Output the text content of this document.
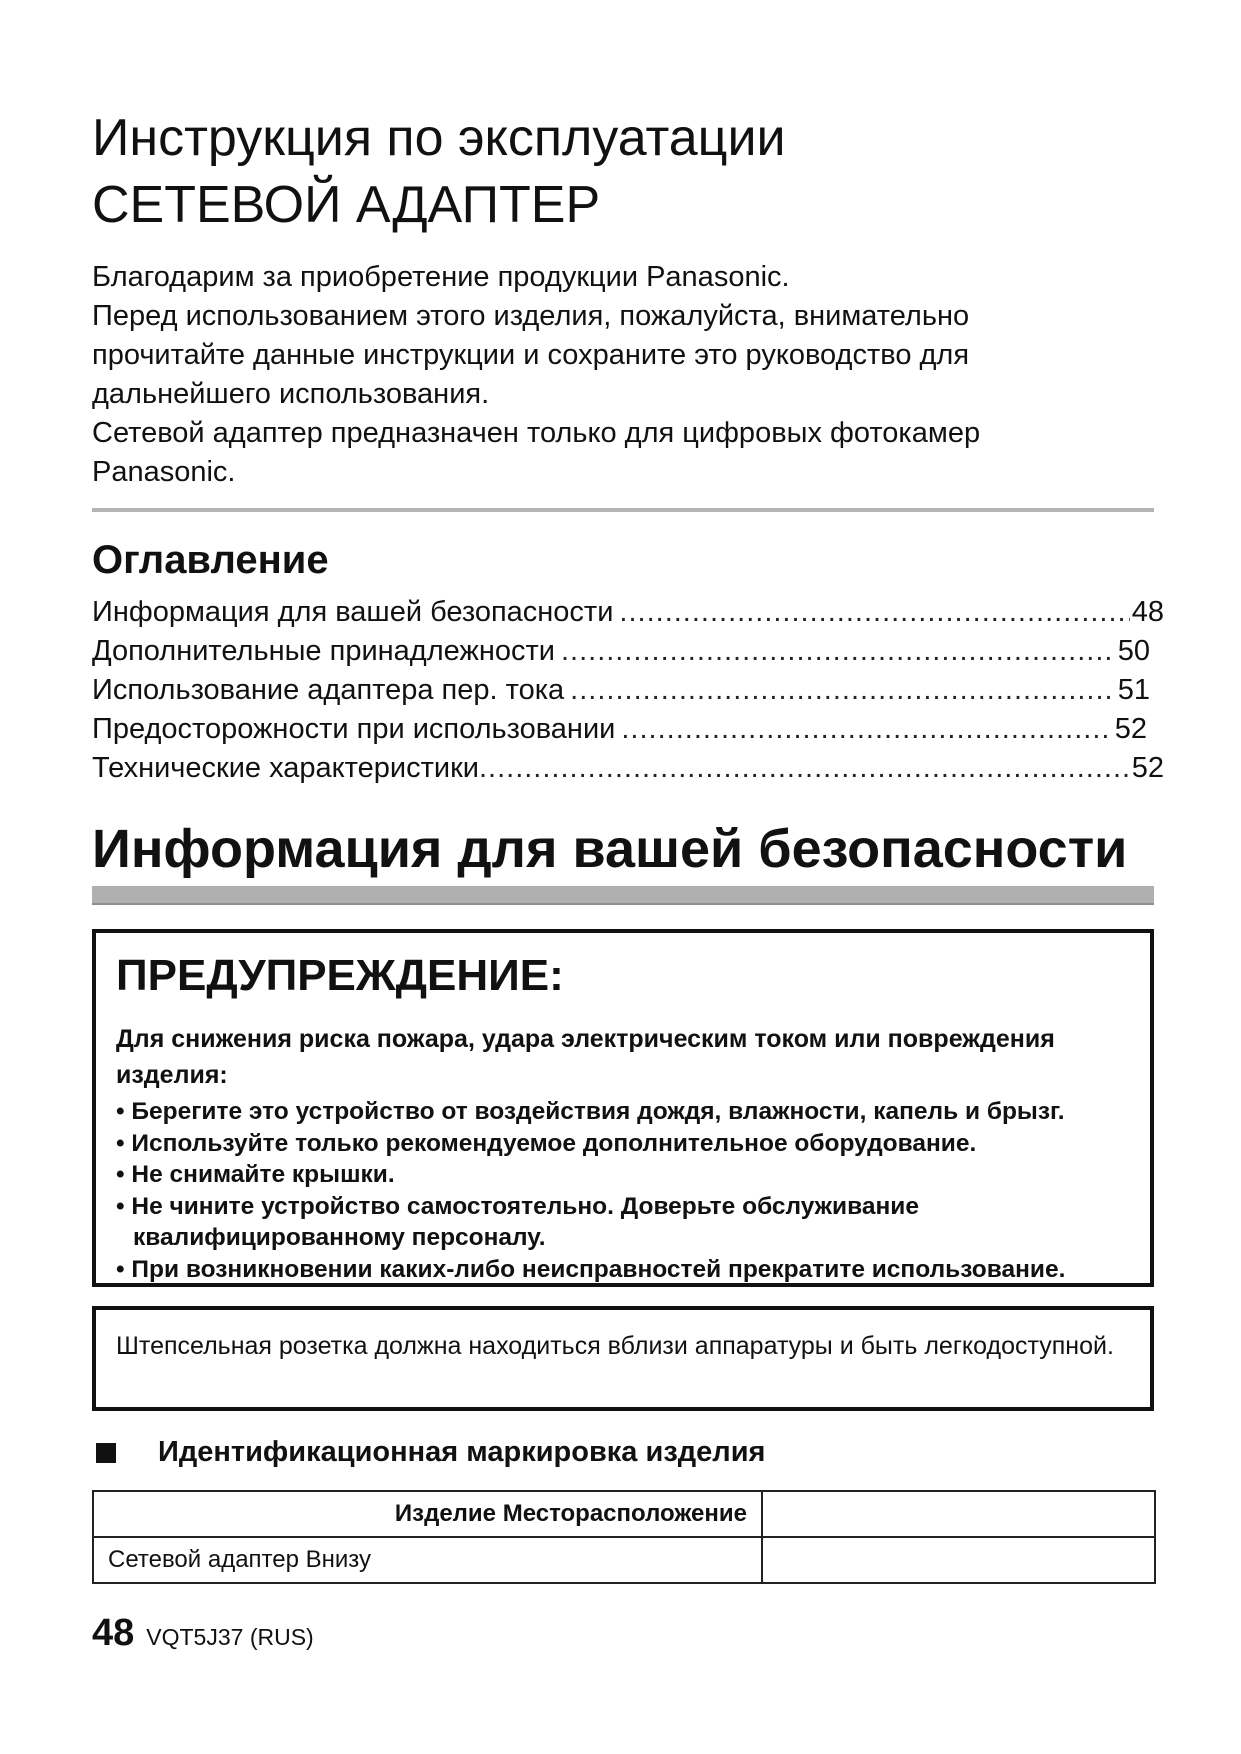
Инструкция по эксплуатации
СЕТЕВОЙ АДАПТЕР

Благодарим за приобретение продукции Panasonic.

Перед использованием этого изделия, пожалуйста, внимательно прочитайте данные инструкции и сохраните это руководство для дальнейшего использования.

Сетевой адаптер предназначен только для цифровых фотокамер Panasonic.

Оглавление
Информация для вашей безопасности .....	48
Дополнительные принадлежности .....	50
Использование адаптера пер. тока .....	51
Предосторожности при использовании .....	52
Технические характеристики .....	52
Информация для вашей безопасности
ПРЕДУПРЕЖДЕНИЕ:
Для снижения риска пожара, удара электрическим током или повреждения изделия:
• Берегите это устройство от воздействия дождя, влажности, капель и брызг.
• Используйте только рекомендуемое дополнительное оборудование.
• Не снимайте крышки.
• Не чините устройство самостоятельно. Доверьте обслуживание квалифицированному персоналу.
• При возникновении каких-либо неисправностей прекратите использование.
Штепсельная розетка должна находиться вблизи аппаратуры и быть легкодоступной.
Идентификационная маркировка изделия
Изделие Месторасположение	
Сетевой адаптер Внизу	
48 VQT5J37 (RUS)
